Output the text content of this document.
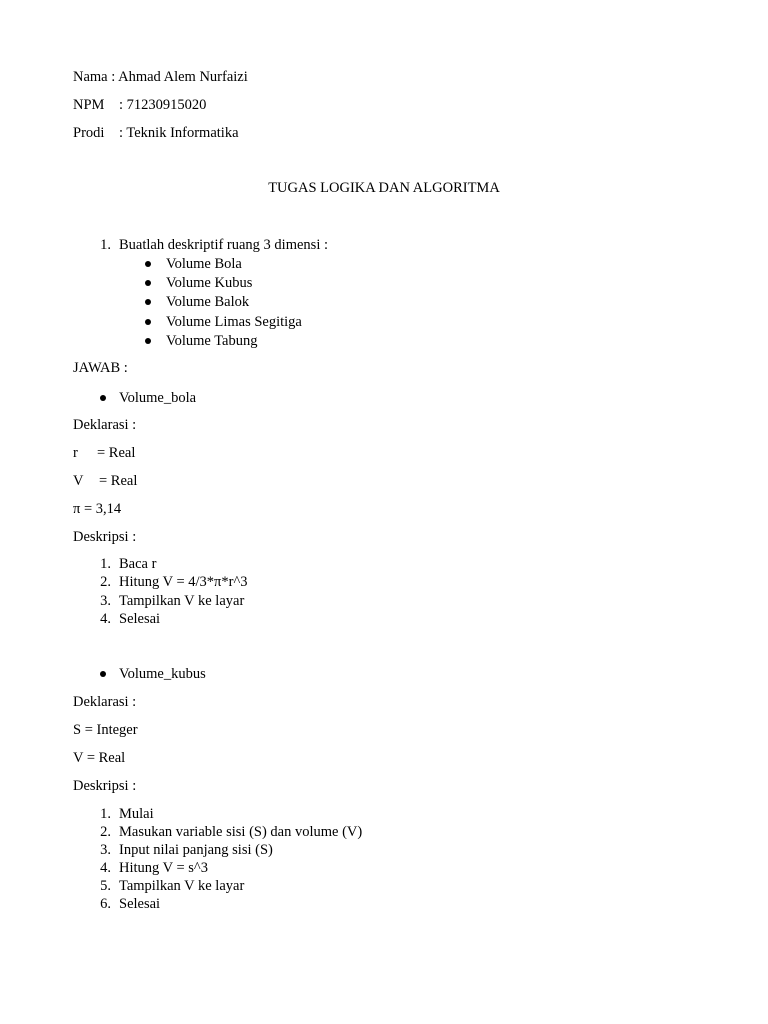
Nama : Ahmad Alem Nurfaizi
NPM : 71230915020
Prodi : Teknik Informatika
TUGAS LOGIKA DAN ALGORITMA
1. Buatlah deskriptif ruang 3 dimensi :
Volume Bola
Volume Kubus
Volume Balok
Volume Limas Segitiga
Volume Tabung
JAWAB :
Volume_bola
Deklarasi :
r = Real
V = Real
π = 3,14
Deskripsi :
1. Baca r
2. Hitung V = 4/3*π*r^3
3. Tampilkan V ke layar
4. Selesai
Volume_kubus
Deklarasi :
S = Integer
V = Real
Deskripsi :
1. Mulai
2. Masukan variable sisi (S) dan volume (V)
3. Input nilai panjang sisi (S)
4. Hitung V = s^3
5. Tampilkan V ke layar
6. Selesai
